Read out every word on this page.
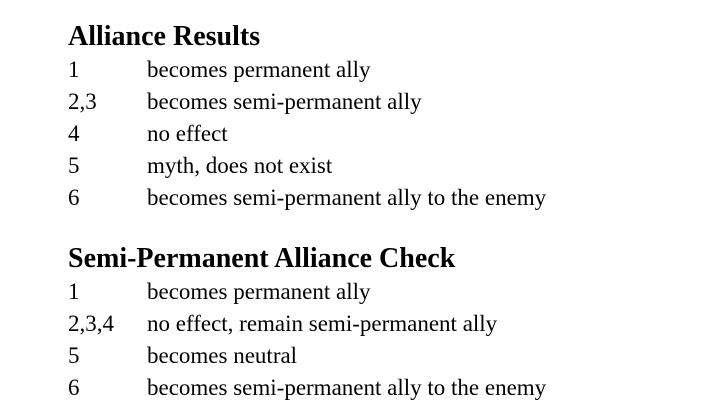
Alliance Results
1	becomes permanent ally
2,3	becomes semi-permanent ally
4	no effect
5	myth, does not exist
6	becomes semi-permanent ally to the enemy
Semi-Permanent Alliance Check
1	becomes permanent ally
2,3,4	no effect, remain semi-permanent ally
5	becomes neutral
6	becomes semi-permanent ally to the enemy
